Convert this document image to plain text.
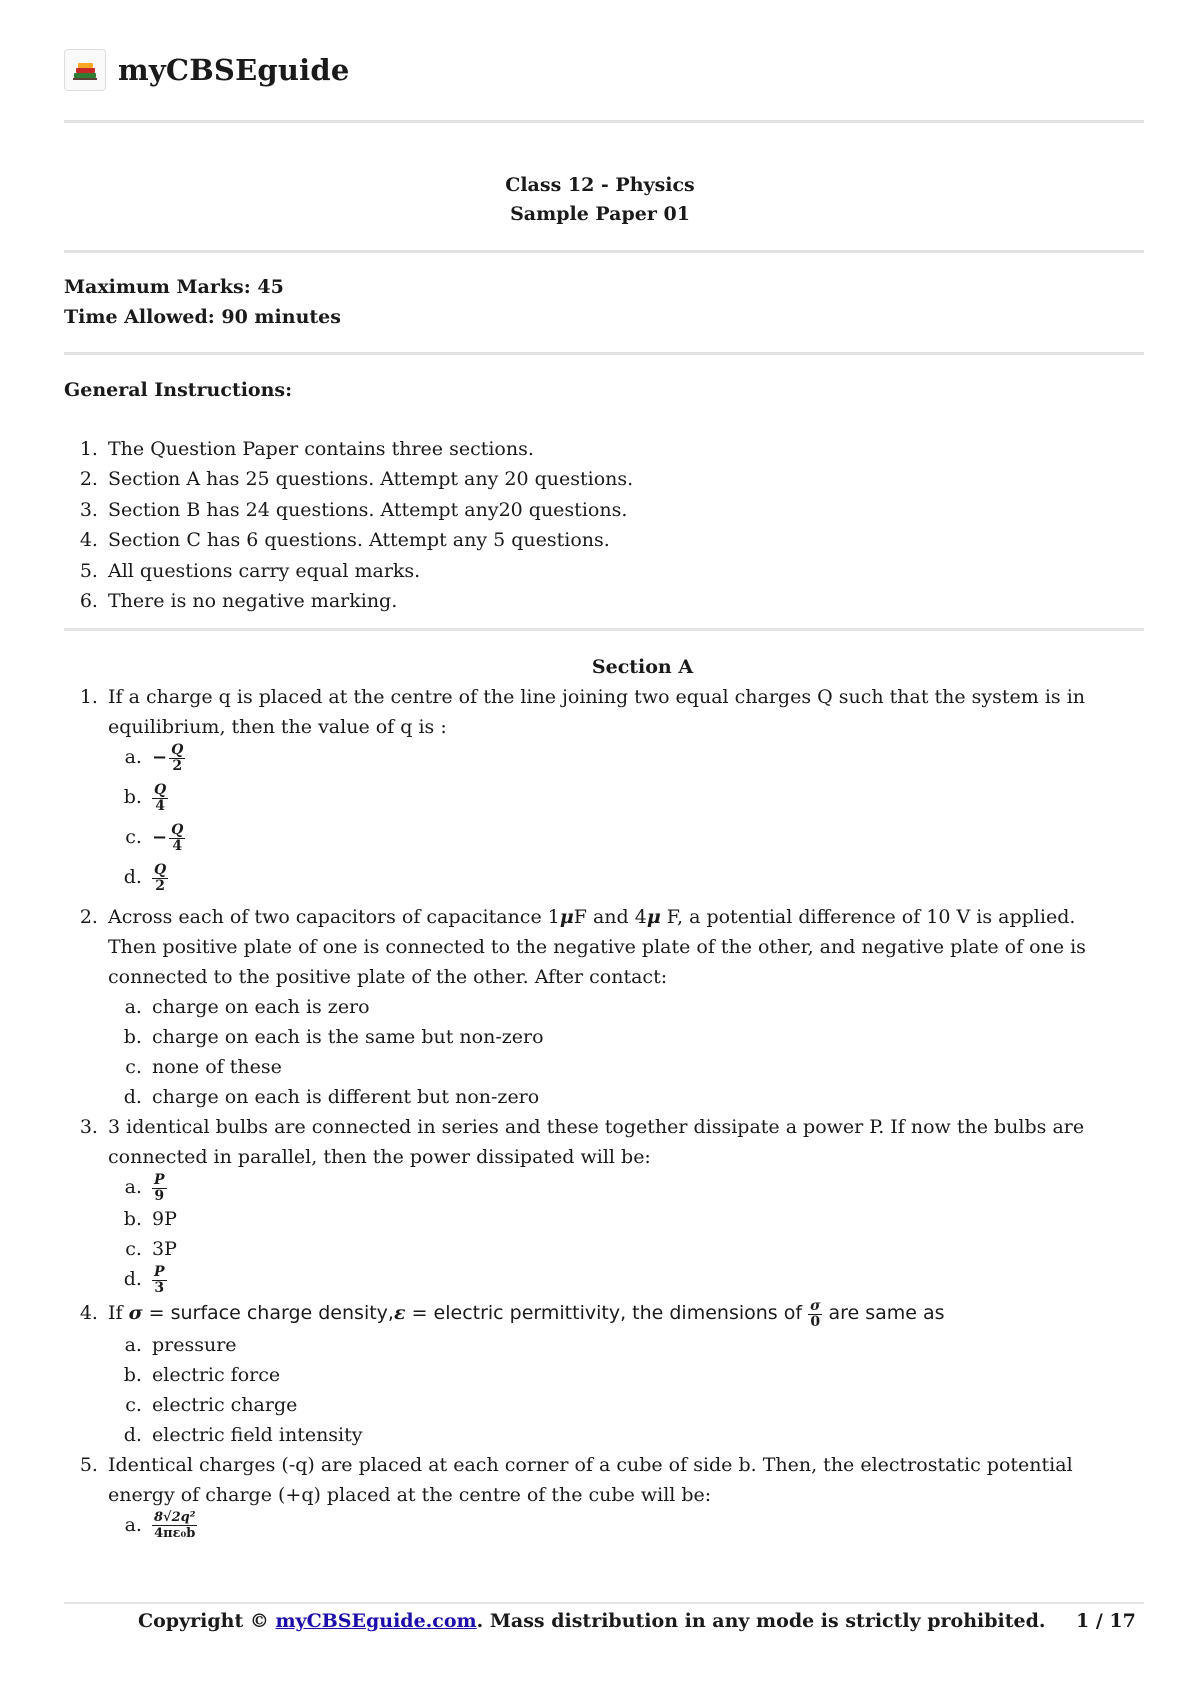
myCBSEguide
Class 12 - Physics
Sample Paper 01
Maximum Marks: 45
Time Allowed: 90 minutes
General Instructions:
1. The Question Paper contains three sections.
2. Section A has 25 questions. Attempt any 20 questions.
3. Section B has 24 questions. Attempt any20 questions.
4. Section C has 6 questions. Attempt any 5 questions.
5. All questions carry equal marks.
6. There is no negative marking.
Section A
1. If a charge q is placed at the centre of the line joining two equal charges Q such that the system is in equilibrium, then the value of q is :
a. − $\frac{Q}{2}$
b. $\frac{Q}{4}$
c. − $\frac{Q}{4}$
d. $\frac{Q}{2}$
2. Across each of two capacitors of capacitance 1μF and 4μ F, a potential difference of 10 V is applied. Then positive plate of one is connected to the negative plate of the other, and negative plate of one is connected to the positive plate of the other. After contact:
a. charge on each is zero
b. charge on each is the same but non-zero
c. none of these
d. charge on each is different but non-zero
3. 3 identical bulbs are connected in series and these together dissipate a power P. If now the bulbs are connected in parallel, then the power dissipated will be:
a. $\frac{P}{9}$
b. 9P
c. 3P
d. $\frac{P}{3}$
4. If σ = surface charge density,ε = electric permittivity, the dimensions of $\frac{\sigma}{0}$ are same as
a. pressure
b. electric force
c. electric charge
d. electric field intensity
5. Identical charges (-q) are placed at each corner of a cube of side b. Then, the electrostatic potential energy of charge (+q) placed at the centre of the cube will be:
a. $\frac{\text{8√2q²}}{\text{4πε₀b}}$
Copyright © myCBSEguide.com. Mass distribution in any mode is strictly prohibited. 1 / 17
